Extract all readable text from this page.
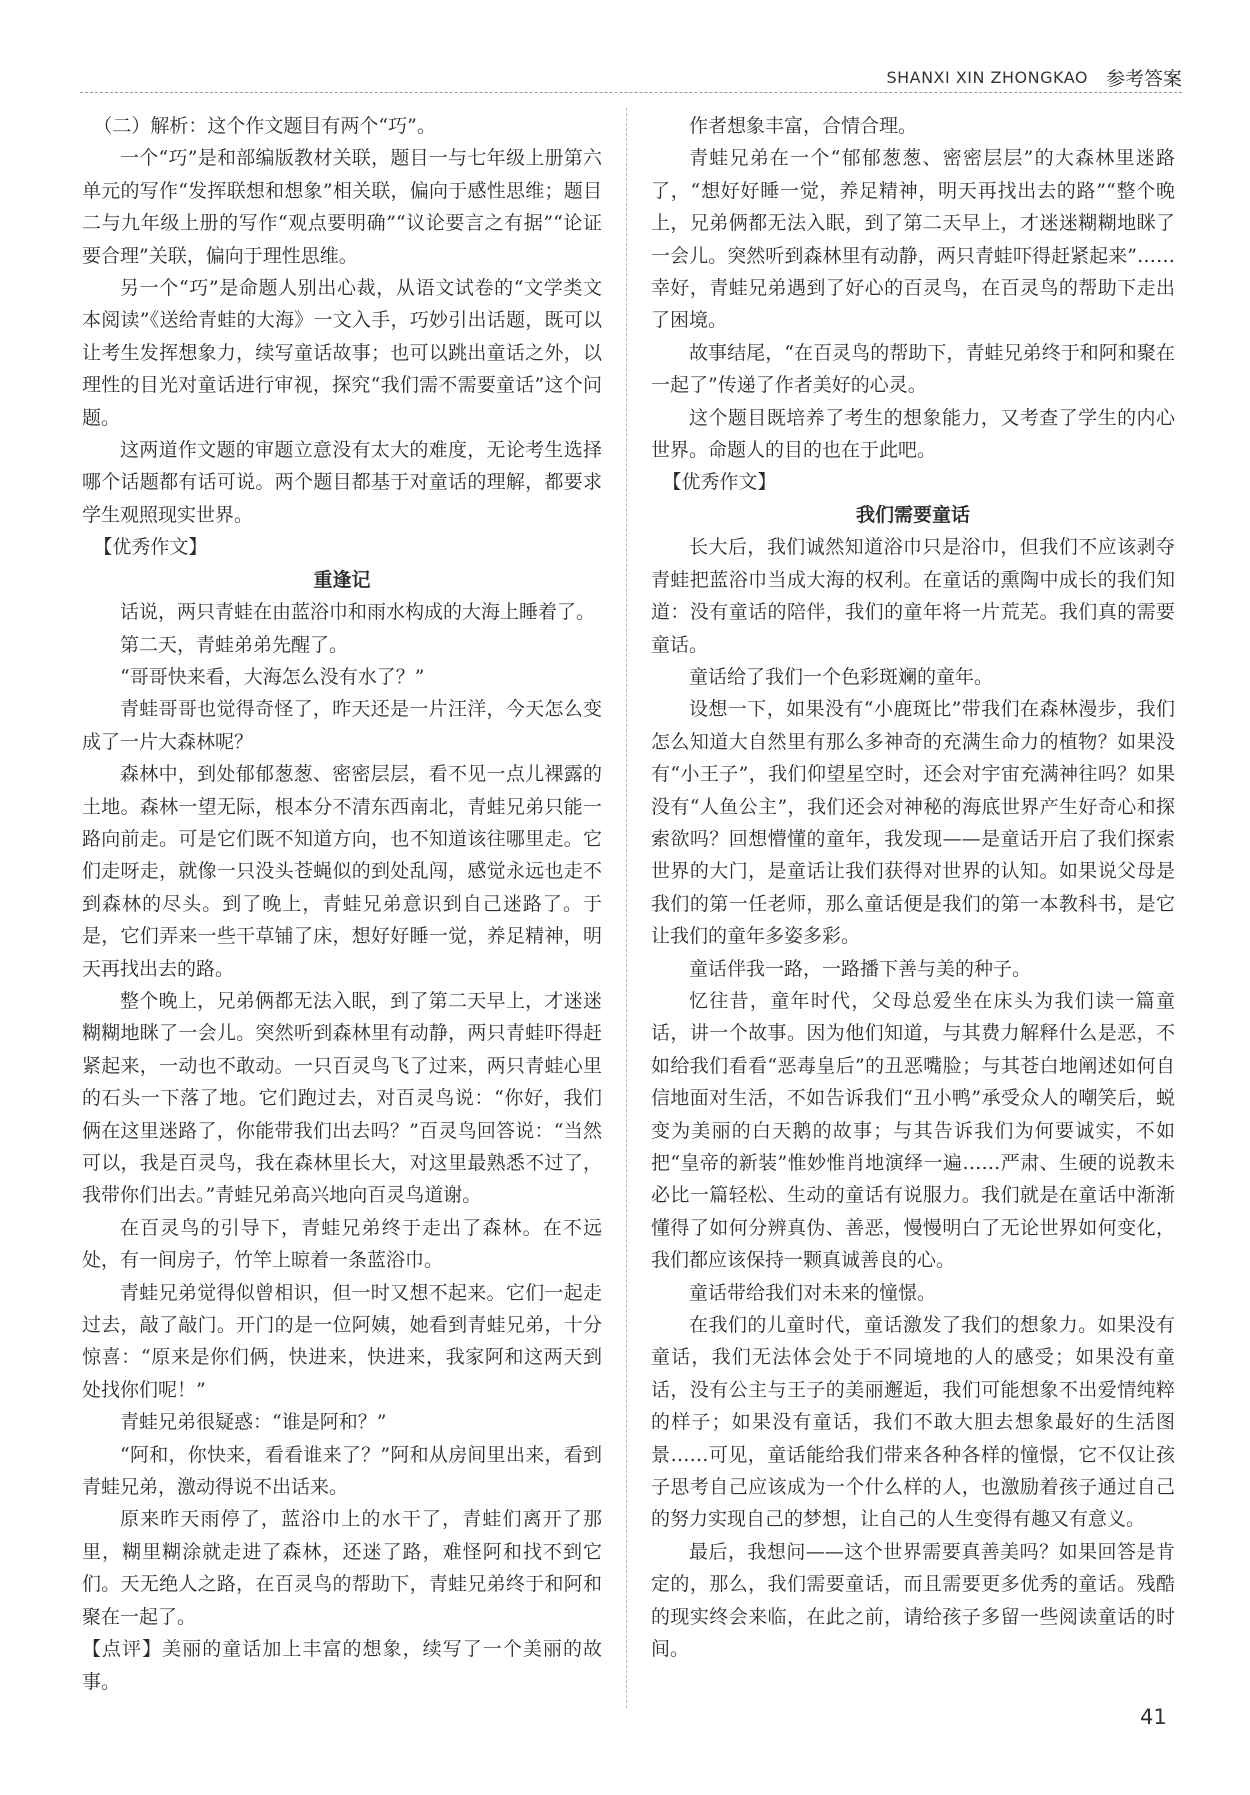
SHANXI XIN ZHONGKAO 参考答案

（二）解析：这个作文题目有两个“巧”。

一个“巧”是和部编版教材关联，题目一与七年级上册第六单元的写作“发挥联想和想象”相关联，偏向于感性思维；题目二与九年级上册的写作“观点要明确”“议论要言之有据”“论证要合理”关联，偏向于理性思维。

另一个“巧”是命题人别出心裁，从语文试卷的“文学类文本阅读”《送给青蛙的大海》一文入手，巧妙引出话题，既可以让考生发挥想象力，续写童话故事；也可以跳出童话之外，以理性的目光对童话进行审视，探究“我们需不需要童话”这个问题。

这两道作文题的审题立意没有太大的难度，无论考生选择哪个话题都有话可说。两个题目都基于对童话的理解，都要求学生观照现实世界。

【优秀作文】

重逢记

话说，两只青蛙在由蓝浴巾和雨水构成的大海上睡着了。

第二天，青蛙弟弟先醒了。

“哥哥快来看，大海怎么没有水了？”

青蛙哥哥也觉得奇怪了，昨天还是一片汪洋，今天怎么变成了一片大森林呢？

森林中，到处郁郁葱葱、密密层层，看不见一点儿裸露的土地。森林一望无际，根本分不清东西南北，青蛙兄弟只能一路向前走。可是它们既不知道方向，也不知道该往哪里走。它们走呀走，就像一只没头苍蝇似的到处乱闯，感觉永远也走不到森林的尽头。到了晚上，青蛙兄弟意识到自己迷路了。于是，它们弄来一些干草铺了床，想好好睡一觉，养足精神，明天再找出去的路。

整个晚上，兄弟俩都无法入眠，到了第二天早上，才迷迷糊糊地眯了一会儿。突然听到森林里有动静，两只青蛙吓得赶紧起来，一动也不敢动。一只百灵鸟飞了过来，两只青蛙心里的石头一下落了地。它们跑过去，对百灵鸟说：“你好，我们俩在这里迷路了，你能带我们出去吗？”百灵鸟回答说：“当然可以，我是百灵鸟，我在森林里长大，对这里最熟悉不过了，我带你们出去。”青蛙兄弟高兴地向百灵鸟道谢。

在百灵鸟的引导下，青蛙兄弟终于走出了森林。在不远处，有一间房子，竹竿上晾着一条蓝浴巾。

青蛙兄弟觉得似曾相识，但一时又想不起来。它们一起走过去，敲了敲门。开门的是一位阿姨，她看到青蛙兄弟，十分惊喜：“原来是你们俩，快进来，快进来，我家阿和这两天到处找你们呢！”

青蛙兄弟很疑惑：“谁是阿和？”

“阿和，你快来，看看谁来了？”阿和从房间里出来，看到青蛙兄弟，激动得说不出话来。

原来昨天雨停了，蓝浴巾上的水干了，青蛙们离开了那里，糊里糊涂就走进了森林，还迷了路，难怪阿和找不到它们。天无绝人之路，在百灵鸟的帮助下，青蛙兄弟终于和阿和聚在一起了。

【点评】美丽的童话加上丰富的想象，续写了一个美丽的故事。

作者想象丰富，合情合理。

青蛙兄弟在一个“郁郁葱葱、密密层层”的大森林里迷路了，“想好好睡一觉，养足精神，明天再找出去的路”“整个晚上，兄弟俩都无法入眠，到了第二天早上，才迷迷糊糊地眯了一会儿。突然听到森林里有动静，两只青蛙吓得赶紧起来”……幸好，青蛙兄弟遇到了好心的百灵鸟，在百灵鸟的帮助下走出了困境。

故事结尾，“在百灵鸟的帮助下，青蛙兄弟终于和阿和聚在一起了”传递了作者美好的心灵。

这个题目既培养了考生的想象能力，又考查了学生的内心世界。命题人的目的也在于此吧。

【优秀作文】

我们需要童话

长大后，我们诚然知道浴巾只是浴巾，但我们不应该剥夺青蛙把蓝浴巾当成大海的权利。在童话的熏陶中成长的我们知道：没有童话的陪伴，我们的童年将一片荒芜。我们真的需要童话。

童话给了我们一个色彩斑斓的童年。

设想一下，如果没有“小鹿斑比”带我们在森林漫步，我们怎么知道大自然里有那么多神奇的充满生命力的植物？如果没有“小王子”，我们仰望星空时，还会对宇宙充满神往吗？如果没有“人鱼公主”，我们还会对神秘的海底世界产生好奇心和探索欲吗？回想懵懂的童年，我发现——是童话开启了我们探索世界的大门，是童话让我们获得对世界的认知。如果说父母是我们的第一任老师，那么童话便是我们的第一本教科书，是它让我们的童年多姿多彩。

童话伴我一路，一路播下善与美的种子。

忆往昔，童年时代，父母总爱坐在床头为我们读一篇童话，讲一个故事。因为他们知道，与其费力解释什么是恶，不如给我们看看“恶毒皇后”的丑恶嘴脸；与其苍白地阐述如何自信地面对生活，不如告诉我们“丑小鸭”承受众人的嘲笑后，蜕变为美丽的白天鹅的故事；与其告诉我们为何要诚实，不如把“皇帝的新装”惟妙惟肖地演绎一遍……严肃、生硬的说教未必比一篇轻松、生动的童话有说服力。我们就是在童话中渐渐懂得了如何分辨真伪、善恶，慢慢明白了无论世界如何变化，我们都应该保持一颗真诚善良的心。

童话带给我们对未来的憧憬。

在我们的儿童时代，童话激发了我们的想象力。如果没有童话，我们无法体会处于不同境地的人的感受；如果没有童话，没有公主与王子的美丽邂逅，我们可能想象不出爱情纯粹的样子；如果没有童话，我们不敢大胆去想象最好的生活图景……可见，童话能给我们带来各种各样的憧憬，它不仅让孩子思考自己应该成为一个什么样的人，也激励着孩子通过自己的努力实现自己的梦想，让自己的人生变得有趣又有意义。

最后，我想问——这个世界需要真善美吗？如果回答是肯定的，那么，我们需要童话，而且需要更多优秀的童话。残酷的现实终会来临，在此之前，请给孩子多留一些阅读童话的时间。

41
